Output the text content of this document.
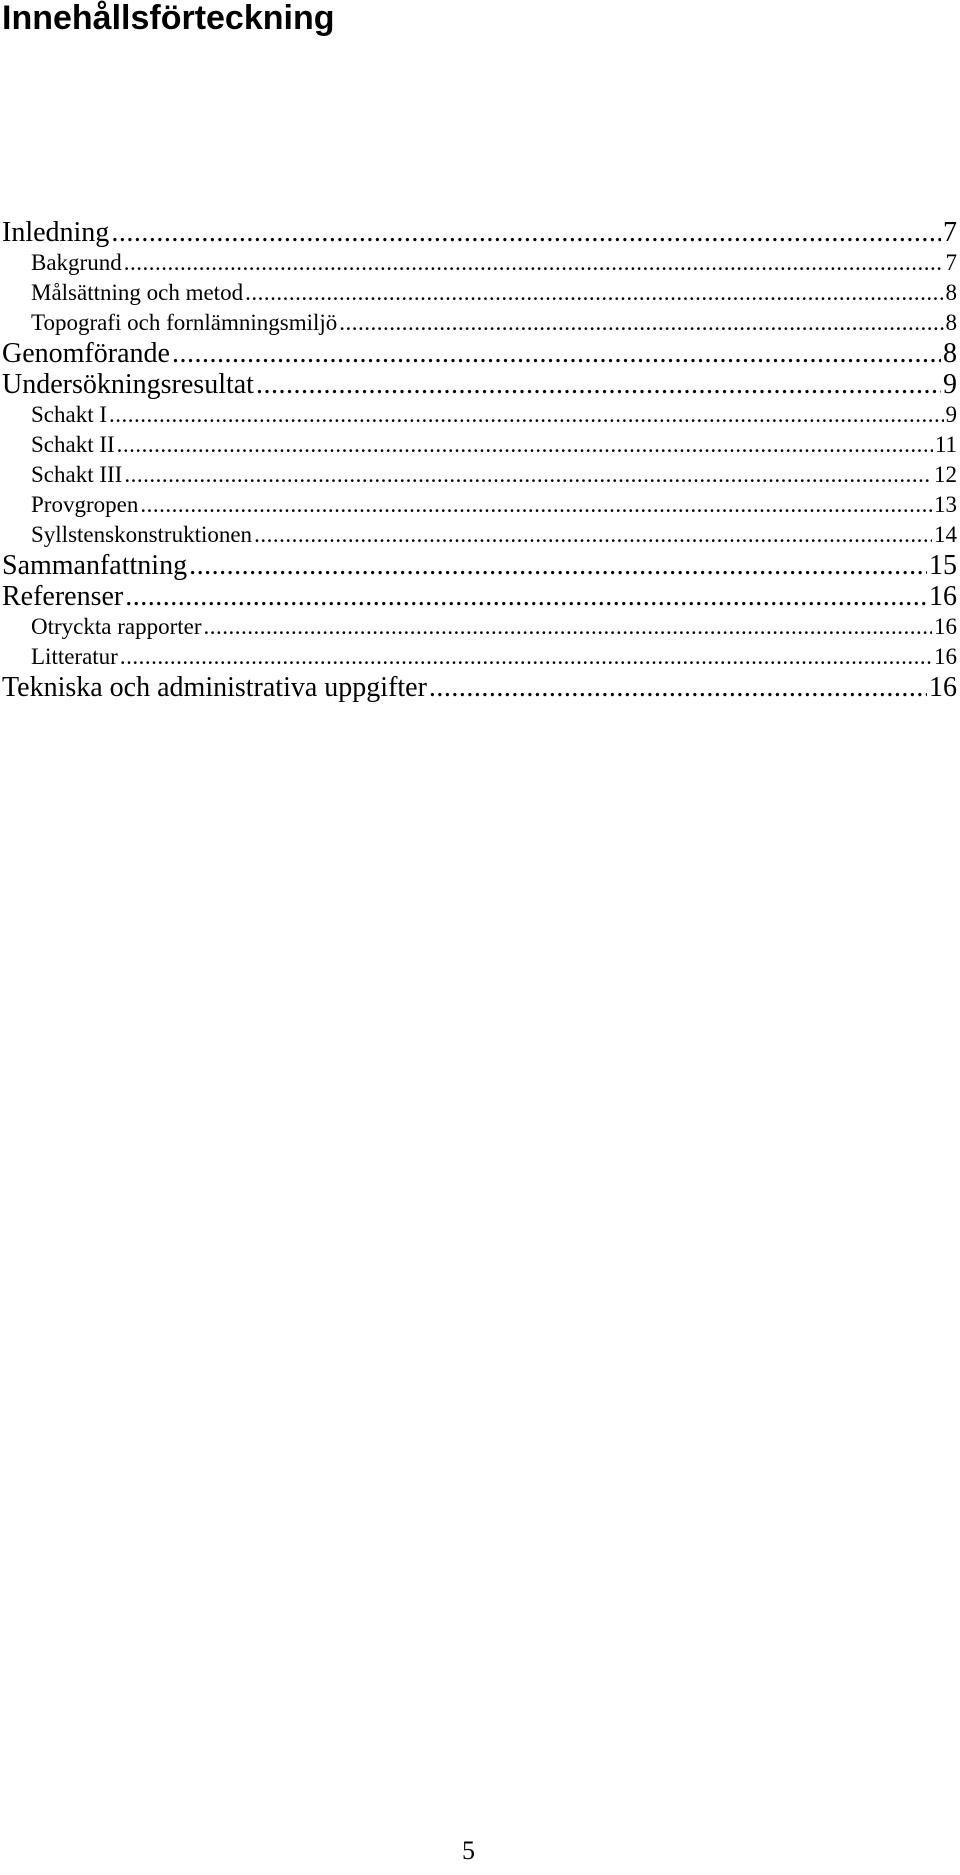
Innehållsförteckning
Inledning .....	7
Bakgrund .....	7
Målsättning och metod .....	8
Topografi och fornlämningsmiljö .....	8
Genomförande .....	8
Undersökningsresultat .....	9
Schakt I .....	9
Schakt II .....	11
Schakt III .....	12
Provgropen .....	13
Syllstenskonstruktionen .....	14
Sammanfattning .....	15
Referenser .....	16
Otryckta rapporter .....	16
Litteratur .....	16
Tekniska och administrativa uppgifter .....	16
5
